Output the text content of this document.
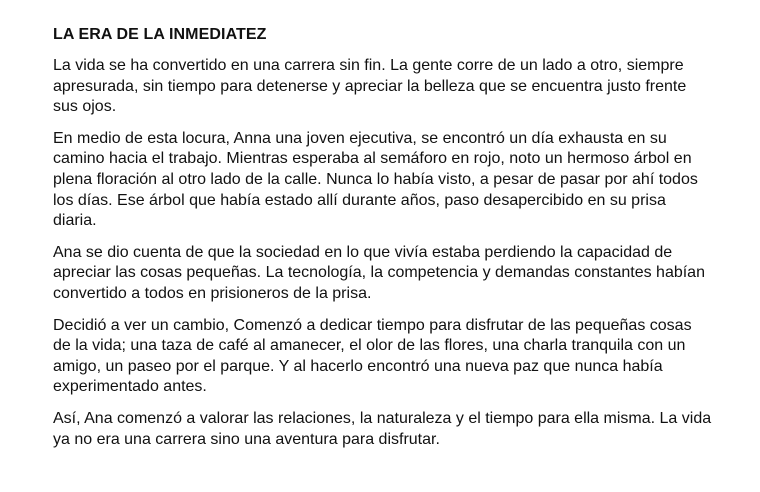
LA ERA DE LA INMEDIATEZ

La vida se ha convertido en una carrera sin fin. La gente corre de un lado a otro, siempre apresurada, sin tiempo para detenerse y apreciar la belleza que se encuentra justo frente sus ojos.

En medio de esta locura, Anna una joven ejecutiva, se encontró un día exhausta en su camino hacia el trabajo. Mientras esperaba al semáforo en rojo, noto un hermoso árbol en plena floración al otro lado de la calle. Nunca lo había visto, a pesar de pasar por ahí todos los días. Ese árbol que había estado allí durante años, paso desapercibido en su prisa diaria.

Ana se dio cuenta de que la sociedad en lo que vivía estaba perdiendo la capacidad de apreciar las cosas pequeñas. La tecnología, la competencia y demandas constantes habían convertido a todos en prisioneros de la prisa.

Decidió a ver un cambio, Comenzó a dedicar tiempo para disfrutar de las pequeñas cosas de la vida; una taza de café al amanecer, el olor de las flores, una charla tranquila con un amigo, un paseo por el parque. Y al hacerlo encontró una nueva paz que nunca había experimentado antes.

Así, Ana comenzó a valorar las relaciones, la naturaleza y el tiempo para ella misma. La vida ya no era una carrera sino una aventura para disfrutar.
